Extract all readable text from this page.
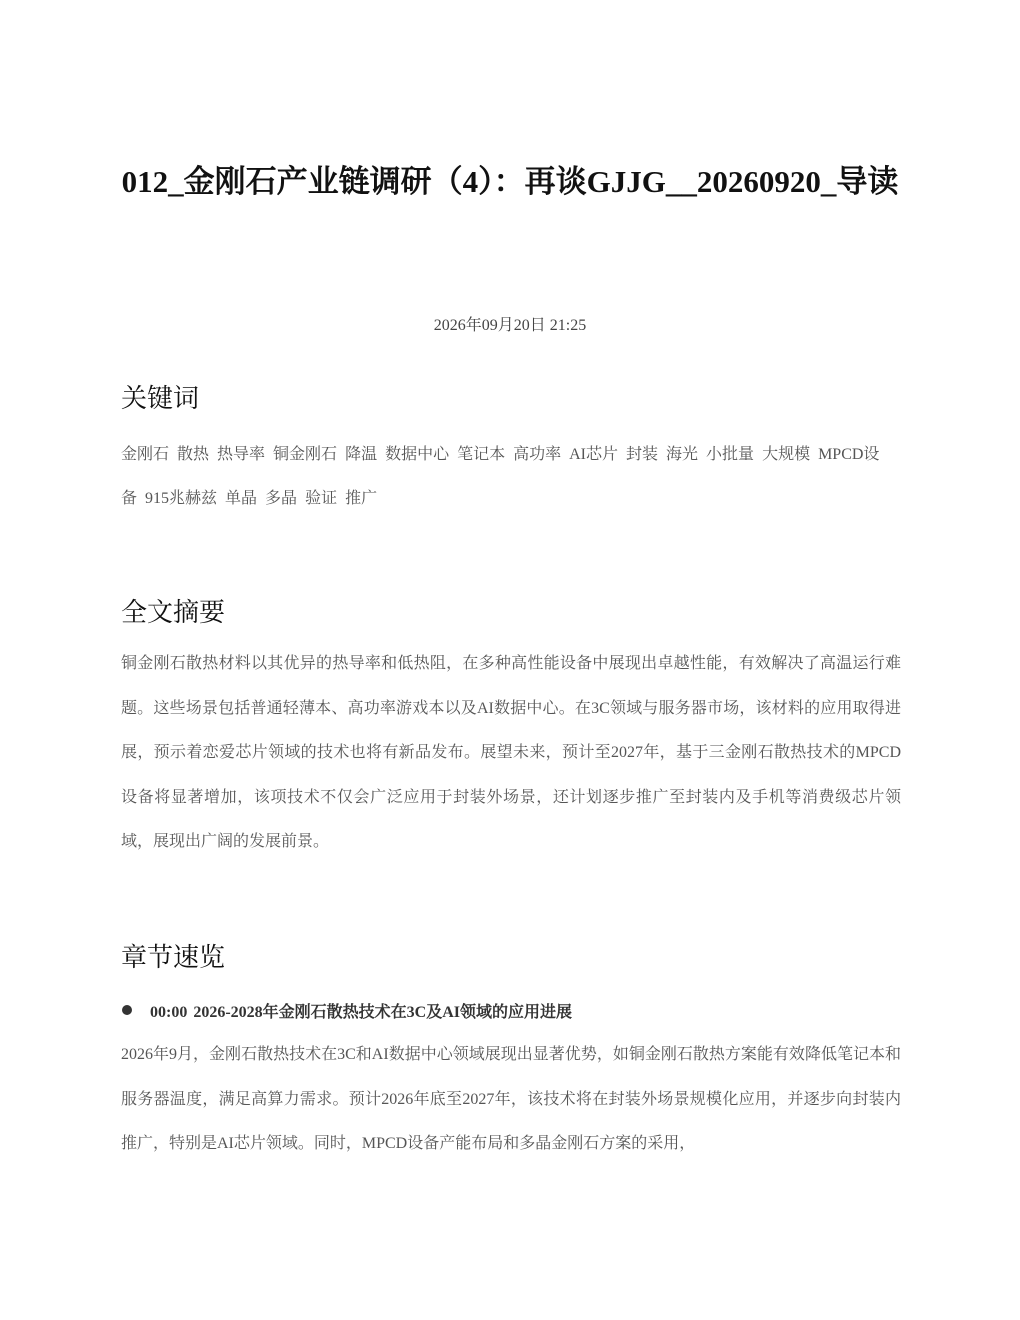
012_金刚石产业链调研（4）：再谈GJJG__20260920_导读
2026年09月20日 21:25
关键词

金刚石 散热 热导率 铜金刚石 降温 数据中心 笔记本 高功率 AI芯片 封装 海光 小批量 大规模 MPCD设备 915兆赫兹 单晶 多晶 验证 推广

全文摘要

铜金刚石散热材料以其优异的热导率和低热阻，在多种高性能设备中展现出卓越性能，有效解决了高温运行难题。这些场景包括普通轻薄本、高功率游戏本以及AI数据中心。在3C领域与服务器市场，该材料的应用取得进展，预示着恋爱芯片领域的技术也将有新品发布。展望未来，预计至2027年，基于三金刚石散热技术的MPCD设备将显著增加，该项技术不仅会广泛应用于封装外场景，还计划逐步推广至封装内及手机等消费级芯片领域，展现出广阔的发展前景。

章节速览
00:00 2026-2028年金刚石散热技术在3C及AI领域的应用进展

2026年9月，金刚石散热技术在3C和AI数据中心领域展现出显著优势，如铜金刚石散热方案能有效降低笔记本和服务器温度，满足高算力需求。预计2026年底至2027年，该技术将在封装外场景规模化应用，并逐步向封装内推广，特别是AI芯片领域。同时，MPCD设备产能布局和多晶金刚石方案的采用，
